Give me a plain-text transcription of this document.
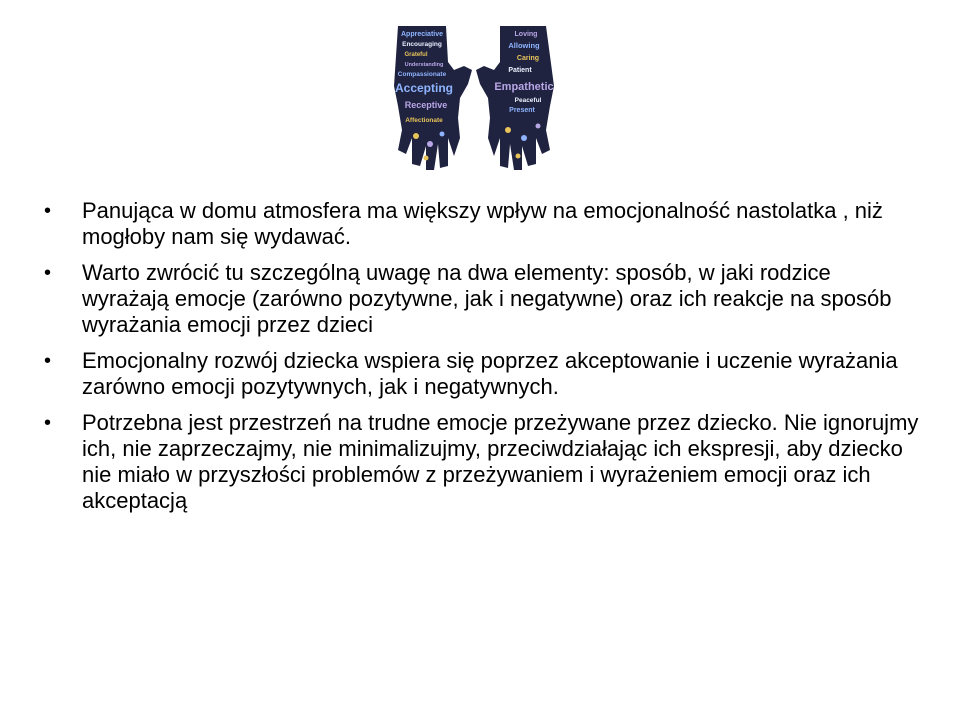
Appreciative
Encouraging
Grateful
Understanding
Compassionate
Accepting
Receptive
Affectionate
Loving
Allowing
Caring
Patient
Empathetic
Peaceful
Present
• Panująca w domu atmosfera ma większy wpływ na emocjonalność nastolatka , niż mogłoby nam się wydawać.
• Warto zwrócić tu szczególną uwagę na dwa elementy: sposób, w jaki rodzice wyrażają emocje (zarówno pozytywne, jak i negatywne) oraz ich reakcje na sposób wyrażania emocji przez dzieci
• Emocjonalny rozwój dziecka wspiera się poprzez akceptowanie i uczenie wyrażania zarówno emocji pozytywnych, jak i negatywnych.
• Potrzebna jest przestrzeń na trudne emocje przeżywane przez dziecko. Nie ignorujmy ich, nie zaprzeczajmy, nie minimalizujmy, przeciwdziałając ich ekspresji, aby dziecko nie miało w przyszłości problemów z przeżywaniem i wyrażeniem emocji oraz ich akceptacją
